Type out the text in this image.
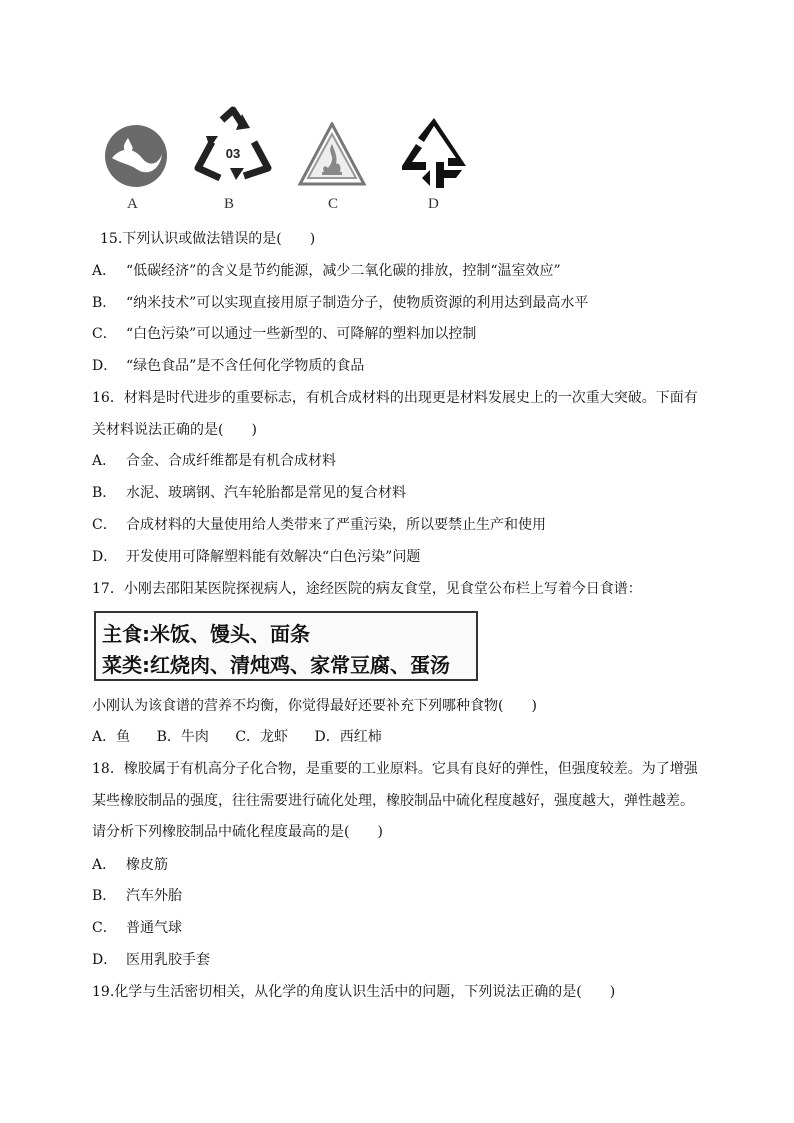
03
A	B	C	D
15.下列认识或做法错误的是(　　)
A． “低碳经济”的含义是节约能源，减少二氧化碳的排放，控制“温室效应”
B． “纳米技术”可以实现直接用原子制造分子，使物质资源的利用达到最高水平
C． “白色污染”可以通过一些新型的、可降解的塑料加以控制
D． “绿色食品”是不含任何化学物质的食品
16．材料是时代进步的重要标志，有机合成材料的出现更是材料发展史上的一次重大突破。下面有
关材料说法正确的是(　　)
A． 合金、合成纤维都是有机合成材料
B． 水泥、玻璃钢、汽车轮胎都是常见的复合材料
C． 合成材料的大量使用给人类带来了严重污染，所以要禁止生产和使用
D． 开发使用可降解塑料能有效解决“白色污染”问题
17．小刚去邵阳某医院探视病人，途经医院的病友食堂，见食堂公布栏上写着今日食谱：
主食:米饭、馒头、面条
菜类:红烧肉、清炖鸡、家常豆腐、蛋汤
小刚认为该食谱的营养不均衡，你觉得最好还要补充下列哪种食物(　　)
A．鱼 B．牛肉 C．龙虾 D．西红柿
18．橡胶属于有机高分子化合物，是重要的工业原料。它具有良好的弹性，但强度较差。为了增强
某些橡胶制品的强度，往往需要进行硫化处理，橡胶制品中硫化程度越好，强度越大，弹性越差。
请分析下列橡胶制品中硫化程度最高的是(　　)
A． 橡皮筋
B． 汽车外胎
C． 普通气球
D． 医用乳胶手套
19.化学与生活密切相关，从化学的角度认识生活中的问题，下列说法正确的是(　　)
